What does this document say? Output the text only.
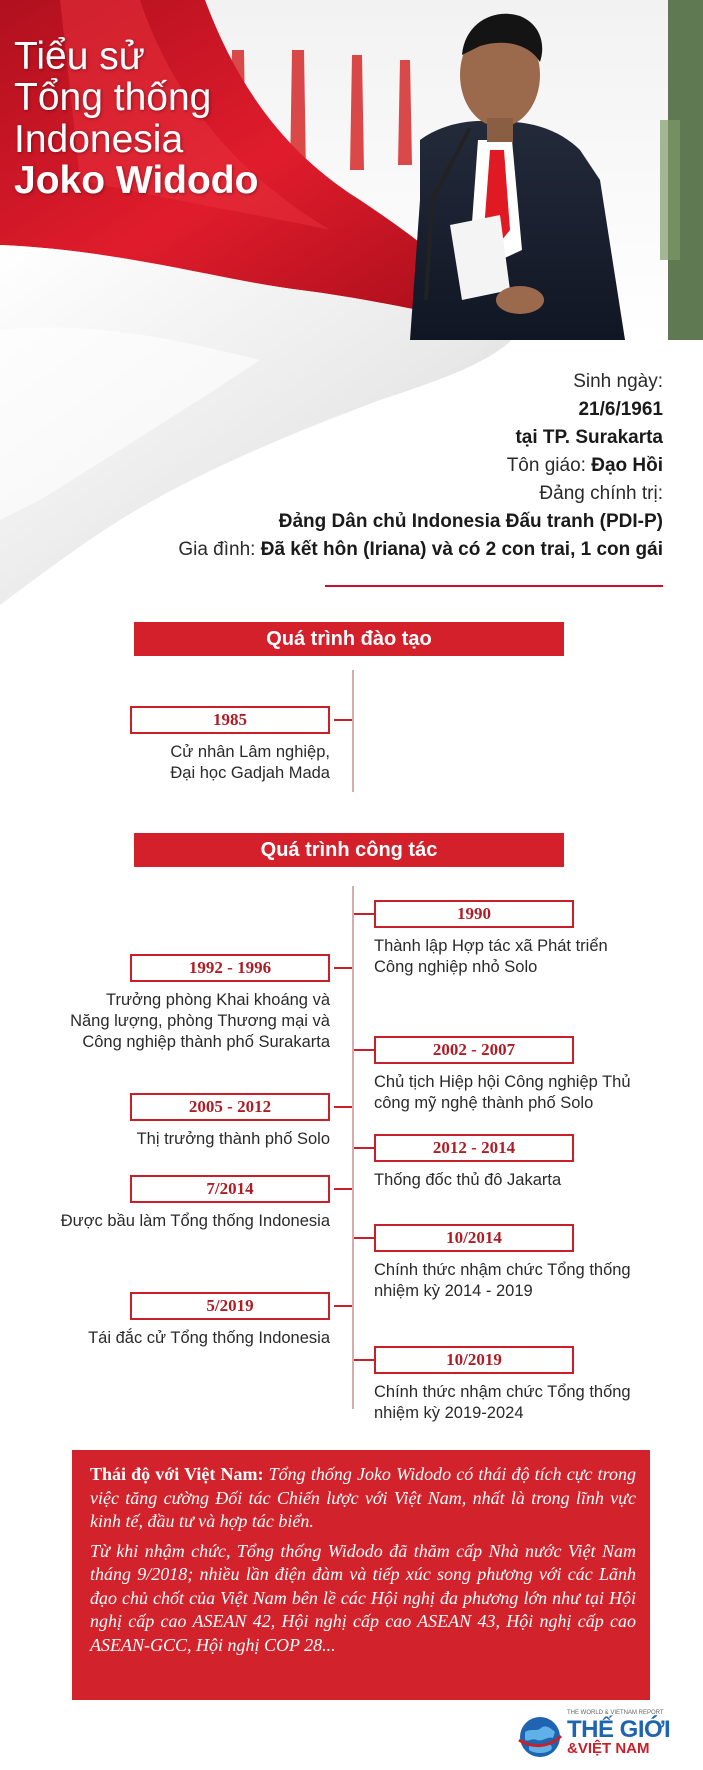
Tiểu sử
Tổng thống
Indonesia
Joko Widodo
Sinh ngày:
21/6/1961
tại TP. Surakarta
Tôn giáo: Đạo Hồi
Đảng chính trị:
Đảng Dân chủ Indonesia Đấu tranh (PDI-P)
Gia đình: Đã kết hôn (Iriana) và có 2 con trai, 1 con gái
Quá trình đào tạo
1985
Cử nhân Lâm nghiệp,
Đại học Gadjah Mada
Quá trình công tác
1990
Thành lập Hợp tác xã Phát triển
Công nghiệp nhỏ Solo
1992 - 1996
Trưởng phòng Khai khoáng và
Năng lượng, phòng Thương mại và
Công nghiệp thành phố Surakarta	2002 - 2007
Chủ tịch Hiệp hội Công nghiệp Thủ
công mỹ nghệ thành phố Solo
2005 - 2012
Thị trưởng thành phố Solo	2012 - 2014
Thống đốc thủ đô Jakarta
7/2014
Được bầu làm Tổng thống Indonesia
10/2014
Chính thức nhậm chức Tổng thống
nhiệm kỳ 2014 - 2019
5/2019
Tái đắc cử Tổng thống Indonesia
10/2019
Chính thức nhậm chức Tổng thống
nhiệm kỳ 2019-2024

Thái độ với Việt Nam: Tổng thống Joko Widodo có thái độ tích cực trong việc tăng cường Đối tác Chiến lược với Việt Nam, nhất là trong lĩnh vực kinh tế, đầu tư và hợp tác biển.

Từ khi nhậm chức, Tổng thống Widodo đã thăm cấp Nhà nước Việt Nam tháng 9/2018; nhiều lần điện đàm và tiếp xúc song phương với các Lãnh đạo chủ chốt của Việt Nam bên lề các Hội nghị đa phương lớn như tại Hội nghị cấp cao ASEAN 42, Hội nghị cấp cao ASEAN 43, Hội nghị cấp cao ASEAN-GCC, Hội nghị COP 28...

THE WORLD & VIETNAM REPORT
THẾ GIỚI
&VIỆT NAM
